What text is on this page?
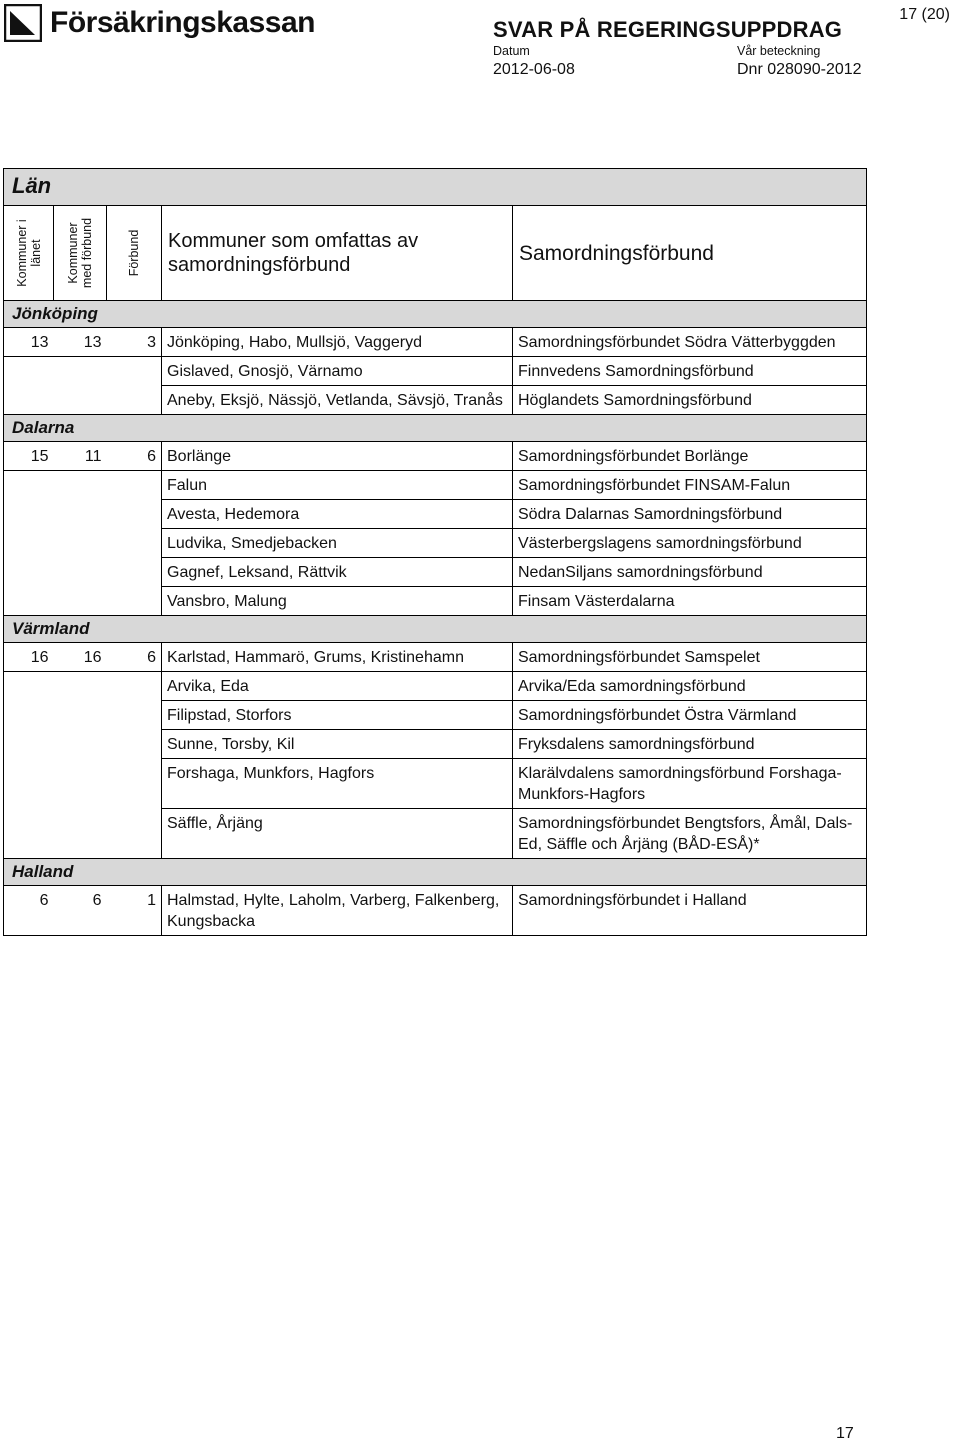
Försäkringskassan	SVAR PÅ REGERINGSUPPDRAG
17 (20)
Datum
2012-06-08
Vår beteckning
Dnr 028090-2012
Län				

Kommuner i länet	Kommuner med förbund	Förbund	Kommuner som omfattas av samordningsförbund	Samordningsförbund

Jönköping				
13	13	3	Jönköping, Habo, Mullsjö, Vaggeryd	Samordningsförbundet Södra Vätterbyggden
			Gislaved, Gnosjö, Värnamo	Finnvedens Samordningsförbund
			Aneby, Eksjö, Nässjö, Vetlanda, Sävsjö, Tranås	Höglandets Samordningsförbund
Dalarna				
15	11	6	Borlänge	Samordningsförbundet Borlänge
			Falun	Samordningsförbundet FINSAM-Falun
			Avesta, Hedemora	Södra Dalarnas Samordningsförbund
			Ludvika, Smedjebacken	Västerbergslagens samordningsförbund
			Gagnef, Leksand, Rättvik	NedanSiljans samordningsförbund
			Vansbro, Malung	Finsam Västerdalarna
Värmland				
16	16	6	Karlstad, Hammarö, Grums, Kristinehamn	Samordningsförbundet Samspelet
			Arvika, Eda	Arvika/Eda samordningsförbund
			Filipstad, Storfors	Samordningsförbundet Östra Värmland
			Sunne, Torsby, Kil	Fryksdalens samordningsförbund
			Forshaga, Munkfors, Hagfors	Klarälvdalens samordningsförbund Forshaga-Munkfors-Hagfors
			Säffle, Årjäng	Samordningsförbundet Bengtsfors, Åmål, Dals-Ed, Säffle och Årjäng (BÅD-ESÅ)*
Halland				
6	6	1	Halmstad, Hylte, Laholm, Varberg, Falkenberg, Kungsbacka	Samordningsförbundet i Halland
17
